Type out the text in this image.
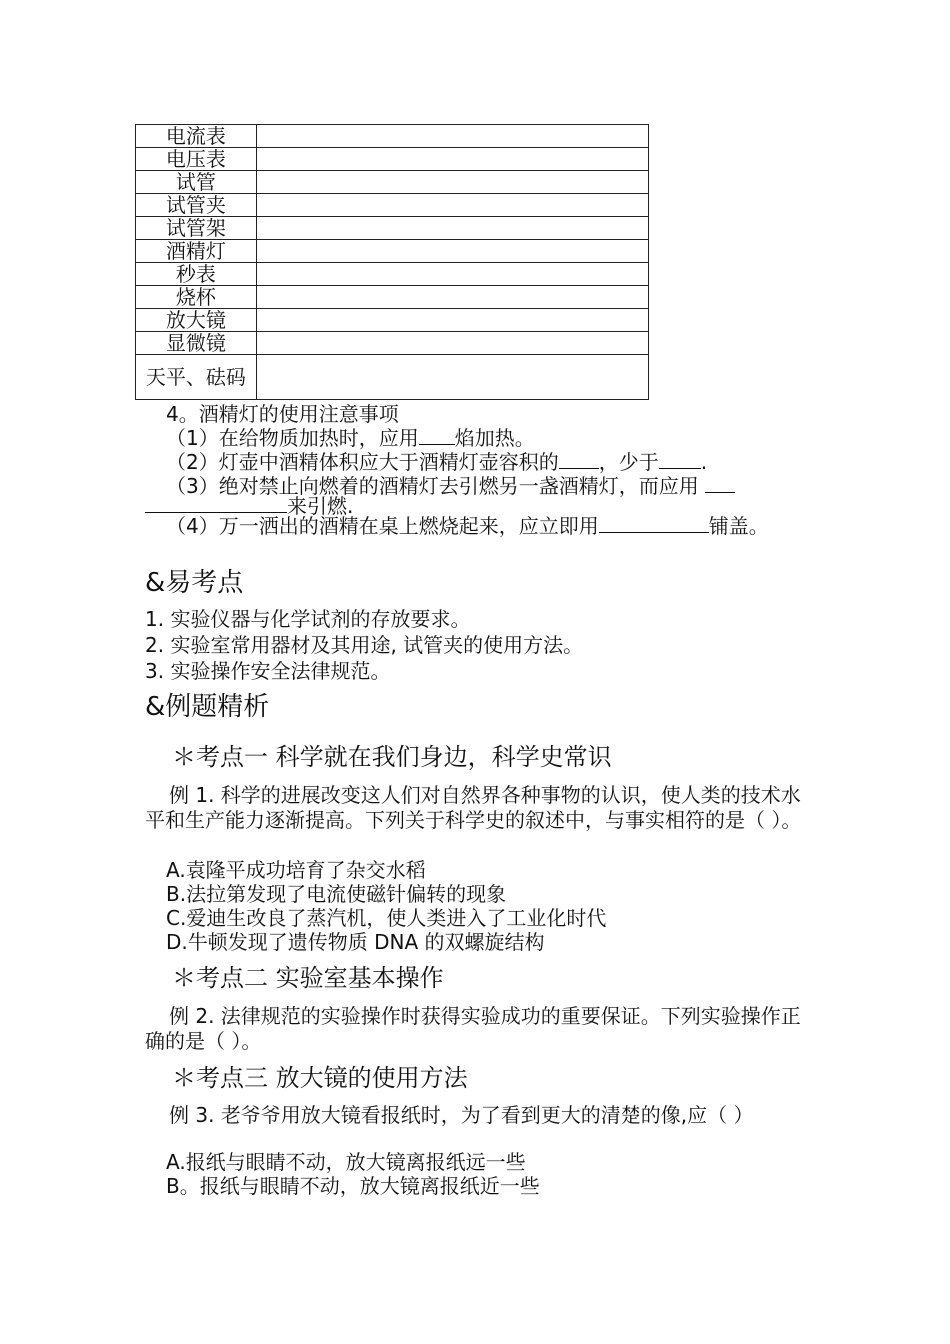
电流表	
电压表	
试管	
试管夹	
试管架	
酒精灯	
秒表	
烧杯	
放大镜	
显微镜	
天平、砝码	
4。酒精灯的使用注意事项
（1）在给物质加热时，应用 焰加热。
（2）灯壶中酒精体积应大于酒精灯壶容积的 ，少于 .
（3）绝对禁止向燃着的酒精灯去引燃另一盏酒精灯，而应用
来引燃.
（4）万一洒出的酒精在桌上燃烧起来，应立即用	铺盖。
&易考点
1. 实验仪器与化学试剂的存放要求。
2. 实验室常用器材及其用途, 试管夹的使用方法。
3. 实验操作安全法律规范。
&例题精析
＊考点一 科学就在我们身边，科学史常识
例 1. 科学的进展改变这人们对自然界各种事物的认识，使人类的技术水平和生产能力逐渐提高。下列关于科学史的叙述中，与事实相符的是（ ）。
A.袁隆平成功培育了杂交水稻
B.法拉第发现了电流使磁针偏转的现象
C.爱迪生改良了蒸汽机，使人类进入了工业化时代
D.牛顿发现了遗传物质 DNA 的双螺旋结构
＊考点二 实验室基本操作
例 2. 法律规范的实验操作时获得实验成功的重要保证。下列实验操作正确的是（ ）。
＊考点三 放大镜的使用方法
例 3. 老爷爷用放大镜看报纸时，为了看到更大的清楚的像,应（ ）
A.报纸与眼睛不动，放大镜离报纸远一些
B。报纸与眼睛不动，放大镜离报纸近一些
